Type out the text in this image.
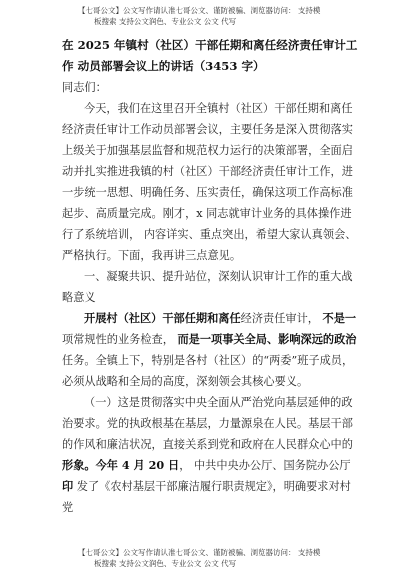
【七哥公文】公文写作请认准七哥公文、谨防被骗、浏览器访问： 支持模
板搜索 支持公文润色、专业公文 公文 代写
在 2025 年镇村（社区）干部任期和离任经济责任审计工作 动员部署会议上的讲话（3453 字）

同志们：

今天，我们在这里召开全镇村（社区）干部任期和离任经济责任审计工作动员部署会议，主要任务是深入贯彻落实上级关于加强基层监督和规范权力运行的决策部署，全面启动并扎实推进我镇的村（社区）干部经济责任审计工作，进一步统一思想、明确任务、压实责任，确保这项工作高标准起步、高质量完成。刚才，x 同志就审计业务的具体操作进行了系统培训， 内容详实、重点突出，希望大家认真领会、 严格执行。下面，我再讲三点意见。

一、凝聚共识、提升站位，深刻认识审计工作的重大战略意义

开展村（社区）干部任期和离任经济责任审计， 不是一项常规性的业务检查， 而是一项事关全局、影响深远的政治任务。全镇上下，特别是各村（社区）的“两委”班子成员，必须从战略和全局的高度，深刻领会其核心要义。

（一）这是贯彻落实中央全面从严治党向基层延伸的政治要求。党的执政根基在基层，力量源泉在人民。基层干部的作风和廉洁状况，直接关系到党和政府在人民群众心中的形象。今年 4 月 20 日， 中共中央办公厅、国务院办公厅印 发了《农村基层干部廉洁履行职责规定》，明确要求对村党

【七哥公文】公文写作请认准七哥公文、谨防被骗、浏览器访问： 支持模
板搜索 支持公文润色、专业公文 公文 代写
